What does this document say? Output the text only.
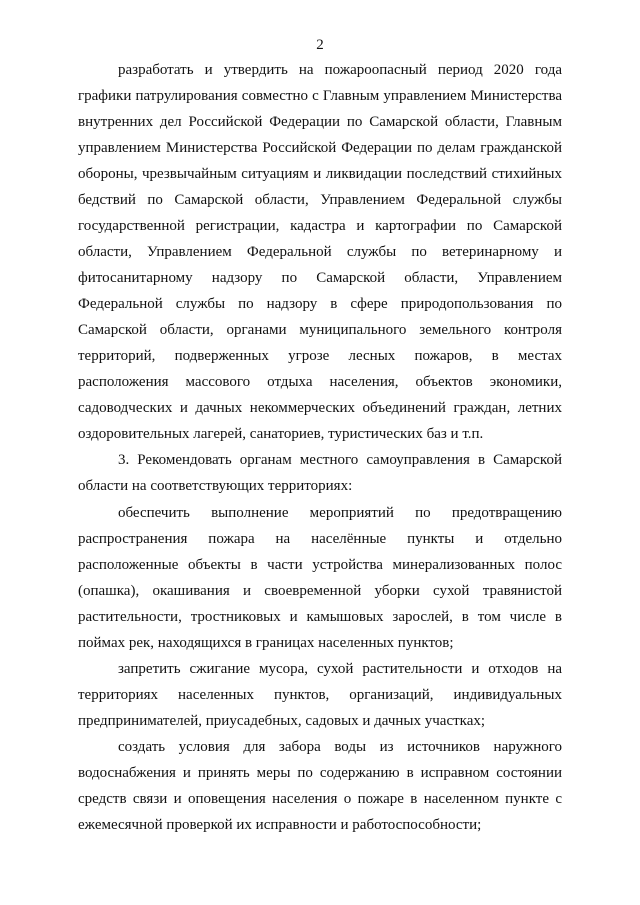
2
разработать и утвердить на пожароопасный период 2020 года
графики патрулирования совместно с Главным управлением Министерства
внутренних дел Российской Федерации по Самарской области, Главным
управлением Министерства Российской Федерации по делам гражданской
обороны, чрезвычайным ситуациям и ликвидации последствий стихийных
бедствий по Самарской области, Управлением Федеральной службы
государственной регистрации, кадастра и картографии по Самарской
области, Управлением Федеральной службы по ветеринарному и
фитосанитарному надзору по Самарской области, Управлением
Федеральной службы по надзору в сфере природопользования по
Самарской области, органами муниципального земельного контроля
территорий, подверженных угрозе лесных пожаров, в местах
расположения массового отдыха населения, объектов экономики,
садоводческих и дачных некоммерческих объединений граждан, летних
оздоровительных лагерей, санаториев, туристических баз и т.п.
3. Рекомендовать органам местного самоуправления в Самарской
области на соответствующих территориях:
обеспечить выполнение мероприятий по предотвращению
распространения пожара на населённые пункты и отдельно
расположенные объекты в части устройства минерализованных полос
(опашка), окашивания и своевременной уборки сухой травянистой
растительности, тростниковых и камышовых зарослей, в том числе в
поймах рек, находящихся в границах населенных пунктов;
запретить сжигание мусора, сухой растительности и отходов на
территориях населенных пунктов, организаций, индивидуальных
предпринимателей, приусадебных, садовых и дачных участках;
создать условия для забора воды из источников наружного
водоснабжения и принять меры по содержанию в исправном состоянии
средств связи и оповещения населения о пожаре в населенном пункте с
ежемесячной проверкой их исправности и работоспособности;
